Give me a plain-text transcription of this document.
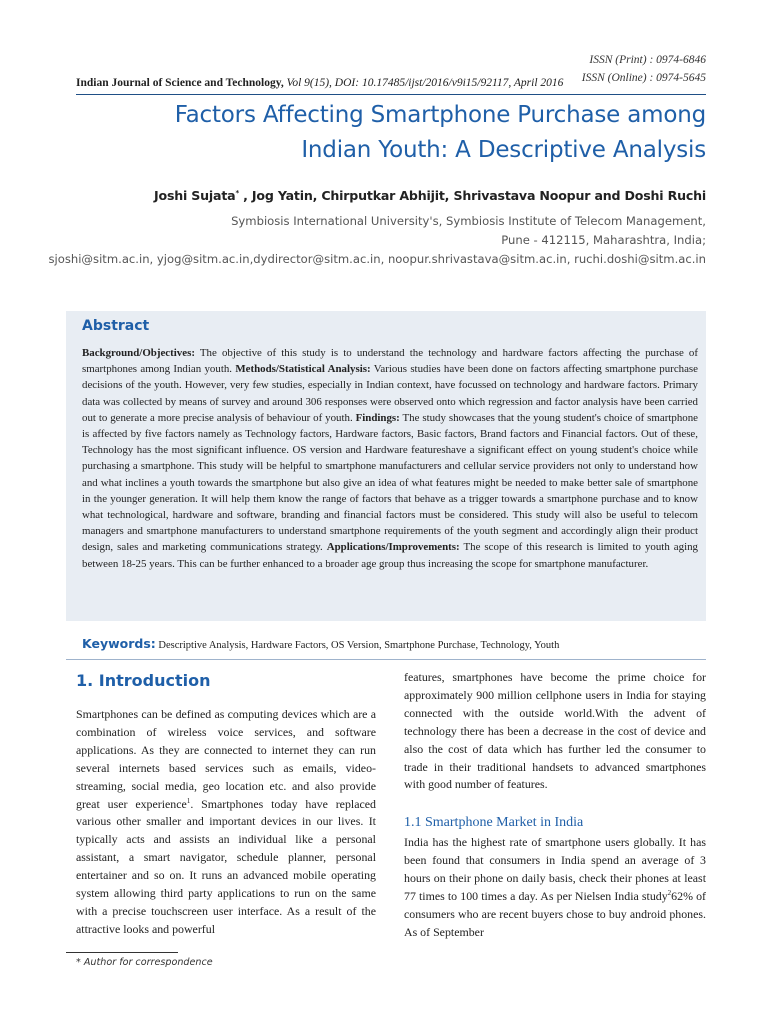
ISSN (Print) : 0974-6846
ISSN (Online) : 0974-5645
Indian Journal of Science and Technology, Vol 9(15), DOI: 10.17485/ijst/2016/v9i15/92117, April 2016
Factors Affecting Smartphone Purchase among
Indian Youth: A Descriptive Analysis
Joshi Sujata* , Jog Yatin, Chirputkar Abhijit, Shrivastava Noopur and Doshi Ruchi
Symbiosis International University's, Symbiosis Institute of Telecom Management,
Pune - 412115, Maharashtra, India;
sjoshi@sitm.ac.in, yjog@sitm.ac.in,dydirector@sitm.ac.in, noopur.shrivastava@sitm.ac.in, ruchi.doshi@sitm.ac.in
Abstract
Background/Objectives: The objective of this study is to understand the technology and hardware factors affecting the purchase of smartphones among Indian youth. Methods/Statistical Analysis: Various studies have been done on factors affecting smartphone purchase decisions of the youth. However, very few studies, especially in Indian context, have focussed on technology and hardware factors. Primary data was collected by means of survey and around 306 responses were observed onto which regression and factor analysis have been carried out to generate a more precise analysis of behaviour of youth. Findings: The study showcases that the young student's choice of smartphone is affected by five factors namely as Technology factors, Hardware factors, Basic factors, Brand factors and Financial factors. Out of these, Technology has the most significant influence. OS version and Hardware featureshave a significant effect on young student's choice while purchasing a smartphone. This study will be helpful to smartphone manufacturers and cellular service providers not only to understand how and what inclines a youth towards the smartphone but also give an idea of what features might be needed to make better sale of smartphone in the younger generation. It will help them know the range of factors that behave as a trigger towards a smartphone purchase and to know what technological, hardware and software, branding and financial factors must be considered. This study will also be useful to telecom managers and smartphone manufacturers to understand smartphone requirements of the youth segment and accordingly align their product design, sales and marketing communications strategy. Applications/Improvements: The scope of this research is limited to youth aging between 18-25 years. This can be further enhanced to a broader age group thus increasing the scope for smartphone manufacturer.
Keywords: Descriptive Analysis, Hardware Factors, OS Version, Smartphone Purchase, Technology, Youth
1. Introduction
Smartphones can be defined as computing devices which are a combination of wireless voice services, and software applications. As they are connected to internet they can run several internets based services such as emails, video-streaming, social media, geo location etc. and also provide great user experience$^1$. Smartphones today have replaced various other smaller and important devices in our lives. It typically acts and assists an individual like a personal assistant, a smart navigator, schedule planner, personal entertainer and so on. It runs an advanced mobile operating system allowing third party applications to run on the same with a precise touchscreen user interface. As a result of the attractive looks and powerful
features, smartphones have become the prime choice for approximately 900 million cellphone users in India for staying connected with the outside world.With the advent of technology there has been a decrease in the cost of device and also the cost of data which has further led the consumer to trade in their traditional handsets to advanced smartphones with good number of features.
1.1 Smartphone Market in India
India has the highest rate of smartphone users globally. It has been found that consumers in India spend an average of 3 hours on their phone on daily basis, check their phones at least 77 times to 100 times a day. As per Nielsen India study$^2$62% of consumers who are recent buyers chose to buy android phones. As of September
* Author for correspondence
